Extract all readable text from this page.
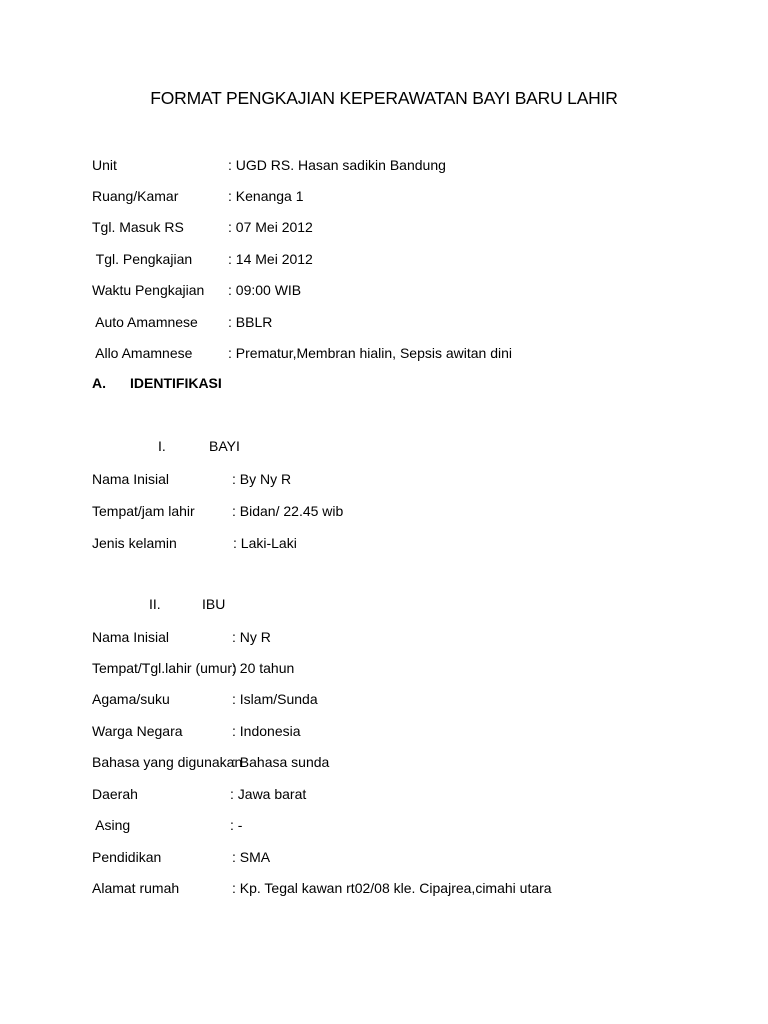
FORMAT PENGKAJIAN KEPERAWATAN BAYI BARU LAHIR
Unit	: UGD RS. Hasan sadikin Bandung
Ruang/Kamar	: Kenanga 1
Tgl. Masuk RS	: 07 Mei 2012
Tgl. Pengkajian	: 14 Mei 2012
Waktu Pengkajian : 09:00 WIB
Auto Amamnese : BBLR
Allo Amamnese	: Prematur,Membran hialin, Sepsis awitan dini
A. IDENTIFIKASI
I.	BAYI
Nama Inisial	: By Ny R
Tempat/jam lahir	: Bidan/ 22.45 wib
Jenis kelamin	: Laki-Laki
II.	IBU
Nama Inisial	: Ny R
Tempat/Tgl.lahir (umur)
: 20 tahun
Agama/suku	: Islam/Sunda
Warga Negara	: Indonesia
Bahasa yang digunakan
: Bahasa sunda
Daerah	: Jawa barat
Asing	: -
Pendidikan	: SMA
Alamat rumah	: Kp. Tegal kawan rt02/08 kle. Cipajrea,cimahi utara
